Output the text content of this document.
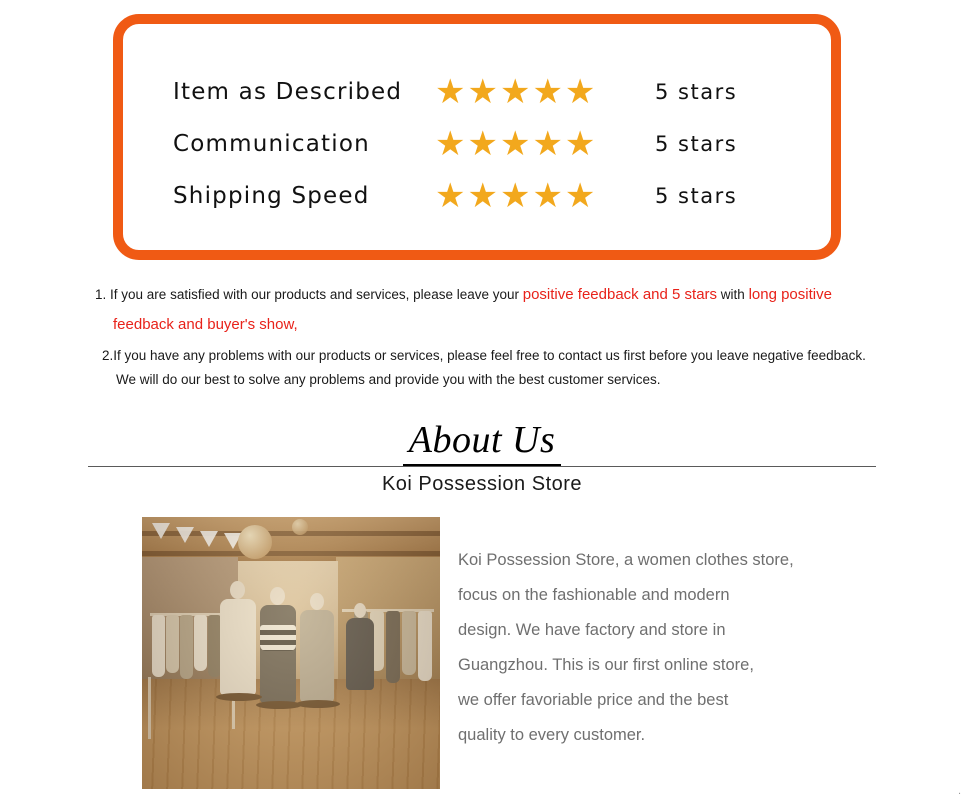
Item as Described ★★★★★	5 stars
Communication	★★★★★	5 stars
Shipping Speed	★★★★★	5 stars
1. If you are satisfied with our products and services, please leave your positive feedback and 5 stars with long positive
feedback and buyer's show,
2.If you have any problems with our products or services, please feel free to contact us first before you leave negative feedback.
We will do our best to solve any problems and provide you with the best customer services.
About Us
Koi Possession Store

Koi Possession Store, a women clothes store,

focus on the fashionable and modern

design. We have factory and store in

Guangzhou. This is our first online store,

we offer favoriable price and the best

quality to every customer.

.
